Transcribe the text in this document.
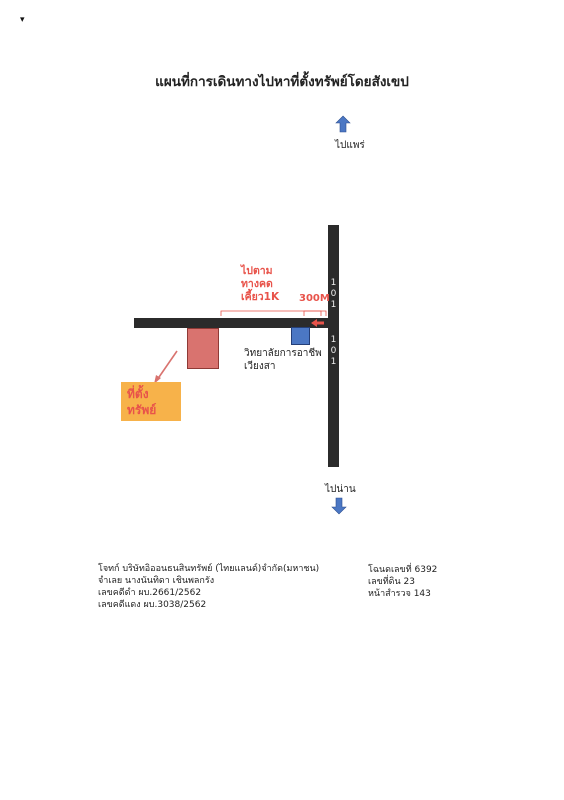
▾
แผนที่การเดินทางไปหาที่ตั้งทรัพย์โดยสังเขป
ไปแพร่
1
0
1
1
0
1
วิทยาลัยการอาชีพ
เวียงสา
ไปตาม
ทางคด
เคี้ยว1K 300M
ที่ตั้ง
ทรัพย์
ไปน่าน
โจทก์ บริษัทอิออนธนสินทรัพย์ (ไทยแลนด์)จำกัด(มหาชน)
จำเลย นางนันทิดา เชินพลกรัง
เลขคดีดำ ผบ.2661/2562
เลขคดีแดง ผบ.3038/2562
โฉนดเลขที่ 6392
เลขที่ดิน 23
หน้าสำรวจ 143
